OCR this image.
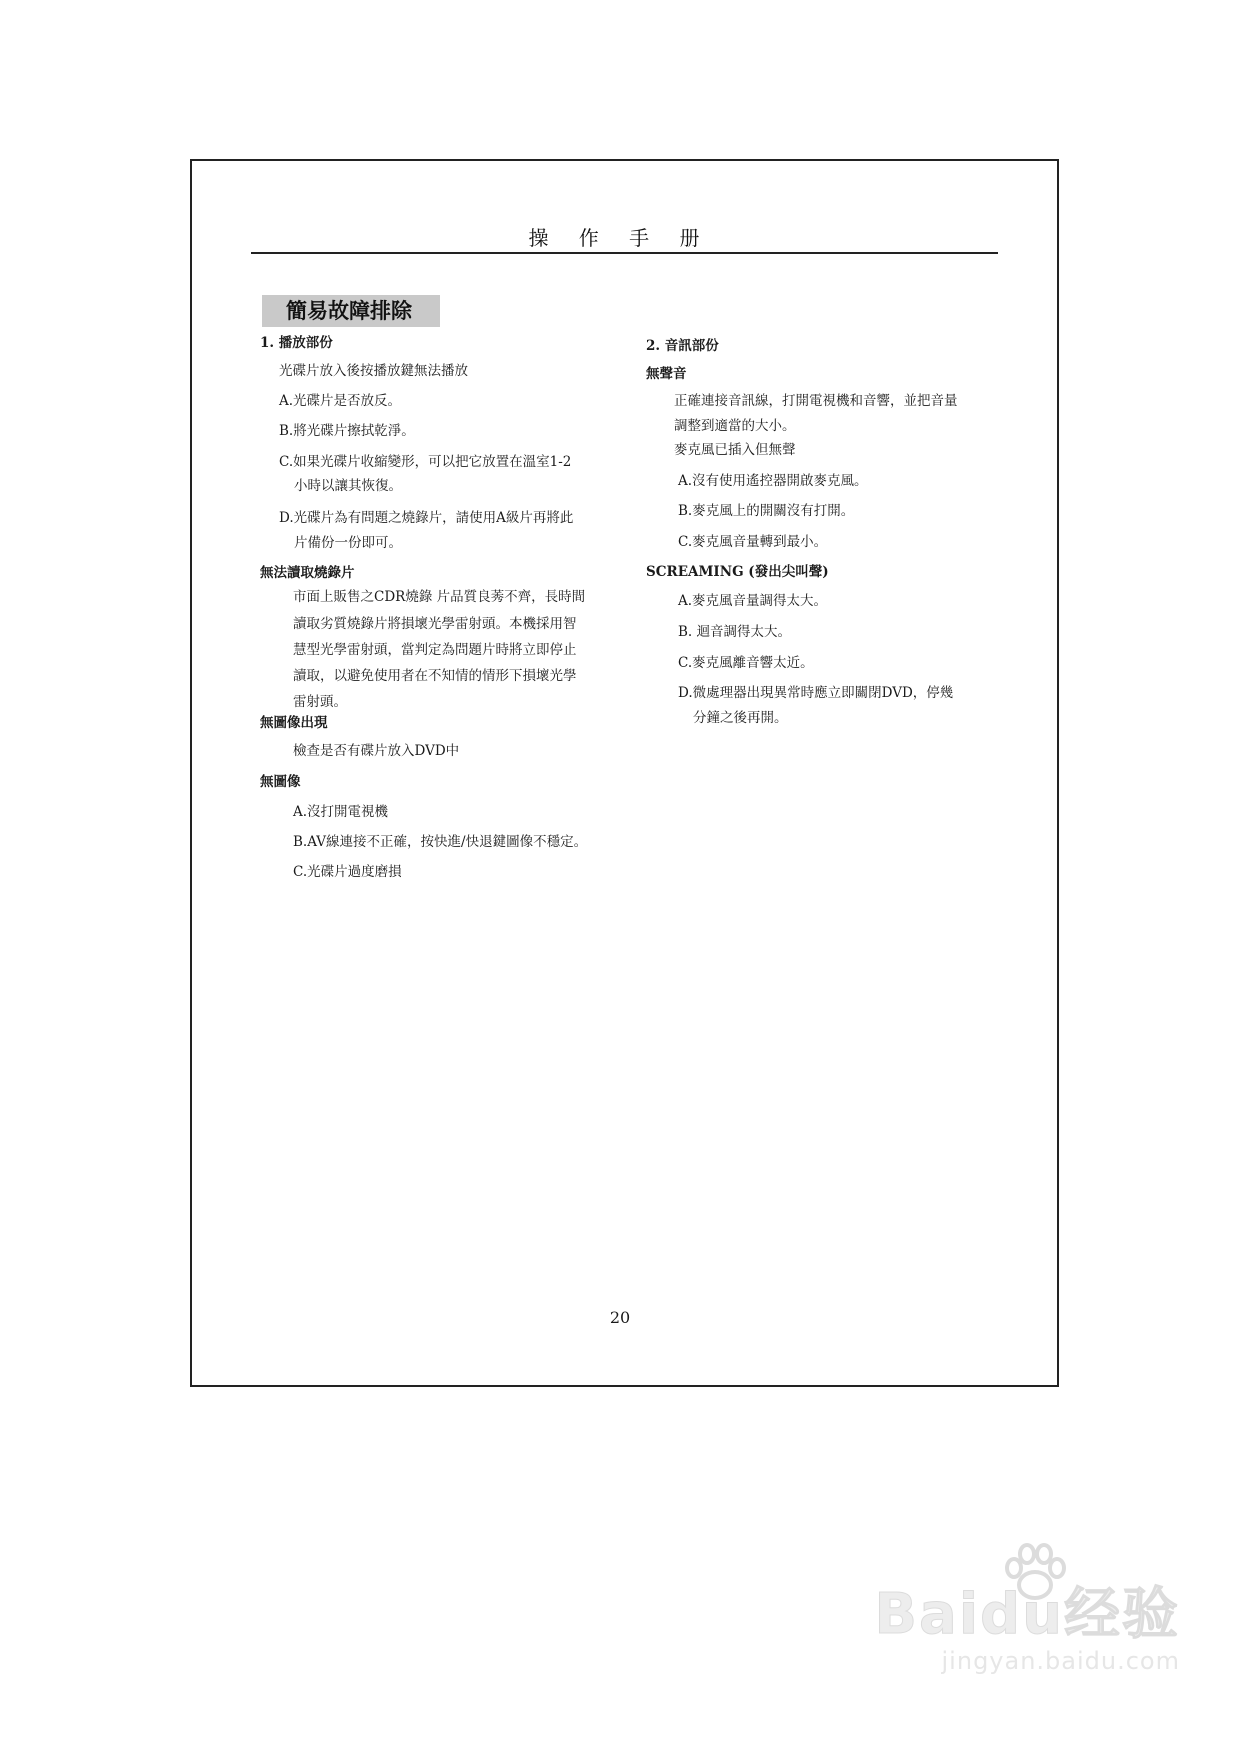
操 作 手 册
簡易故障排除
1. 播放部份
光碟片放入後按播放鍵無法播放
A.光碟片是否放反。
B.將光碟片擦拭乾淨。
C.如果光碟片收縮變形，可以把它放置在溫室1-2
小時以讓其恢復。
D.光碟片為有問題之燒錄片，請使用A級片再將此
片備份一份即可。
無法讀取燒錄片
市面上販售之CDR燒錄 片品質良莠不齊，長時間
讀取劣質燒錄片將損壞光學雷射頭。本機採用智
慧型光學雷射頭，當判定為問題片時將立即停止
讀取，以避免使用者在不知情的情形下損壞光學
雷射頭。
無圖像出現
檢查是否有碟片放入DVD中
無圖像
A.沒打開電視機
B.AV線連接不正確，按快進/快退鍵圖像不穩定。
C.光碟片過度磨損
2. 音訊部份
無聲音
正確連接音訊線，打開電視機和音響，並把音量
調整到適當的大小。
麥克風已插入但無聲
A.沒有使用遙控器開啟麥克風。
B.麥克風上的開關沒有打開。
C.麥克風音量轉到最小。
SCREAMING (發出尖叫聲)
A.麥克風音量調得太大。
B. 迴音調得太大。
C.麥克風離音響太近。
D.微處理器出現異常時應立即關閉DVD，停幾
分鐘之後再開。
20
Baidu经验
jingyan.baidu.com
